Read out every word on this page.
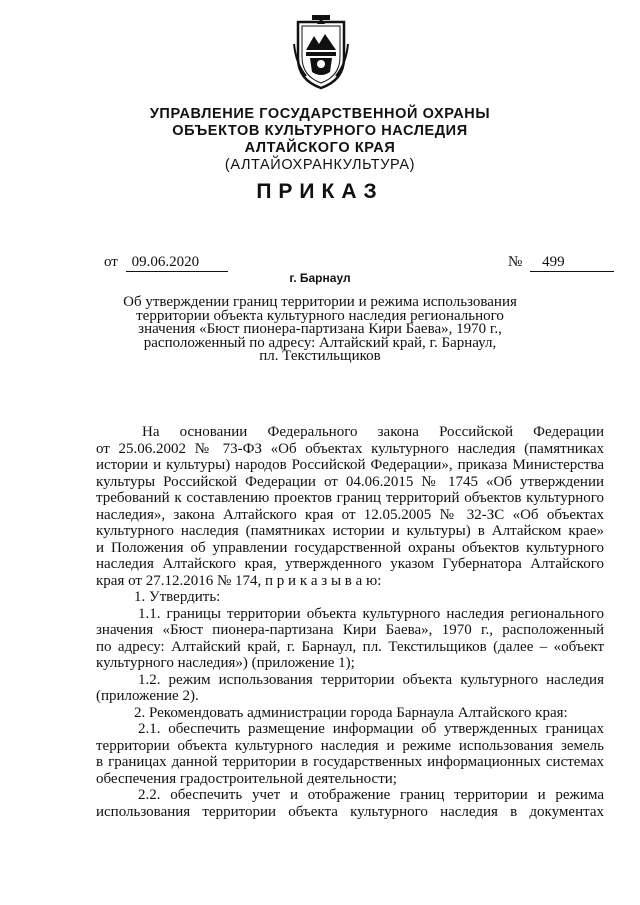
УПРАВЛЕНИЕ ГОСУДАРСТВЕННОЙ ОХРАНЫ
ОБЪЕКТОВ КУЛЬТУРНОГО НАСЛЕДИЯ
АЛТАЙСКОГО КРАЯ
(АЛТАЙОХРАНКУЛЬТУРА)
ПРИКАЗ
от 09.06.2020	№ 499
г. Барнаул
Об утверждении границ территории и режима использования
территории объекта культурного наследия регионального
значения «Бюст пионера-партизана Кири Баева», 1970 г.,
расположенный по адресу: Алтайский край, г. Барнаул,
пл. Текстильщиков
На основании Федерального закона Российской Федерации
от 25.06.2002 № 73-ФЗ «Об объектах культурного наследия (памятниках
истории и культуры) народов Российской Федерации», приказа Министерства
культуры Российской Федерации от 04.06.2015 № 1745 «Об утверждении
требований к составлению проектов границ территорий объектов культурного
наследия», закона Алтайского края от 12.05.2005 № 32-ЗС «Об объектах
культурного наследия (памятниках истории и культуры) в Алтайском крае»
и Положения об управлении государственной охраны объектов культурного
наследия Алтайского края, утвержденного указом Губернатора Алтайского
края от 27.12.2016 № 174, п р и к а з ы в а ю:
1. Утвердить:
1.1. границы территории объекта культурного наследия регионального
значения «Бюст пионера-партизана Кири Баева», 1970 г., расположенный
по адресу: Алтайский край, г. Барнаул, пл. Текстильщиков (далее – «объект
культурного наследия») (приложение 1);
1.2. режим использования территории объекта культурного наследия
(приложение 2).
2. Рекомендовать администрации города Барнаула Алтайского края:
2.1. обеспечить размещение информации об утвержденных границах
территории объекта культурного наследия и режиме использования земель
в границах данной территории в государственных информационных системах
обеспечения градостроительной деятельности;
2.2. обеспечить учет и отображение границ территории и режима
использования территории объекта культурного наследия в документах
